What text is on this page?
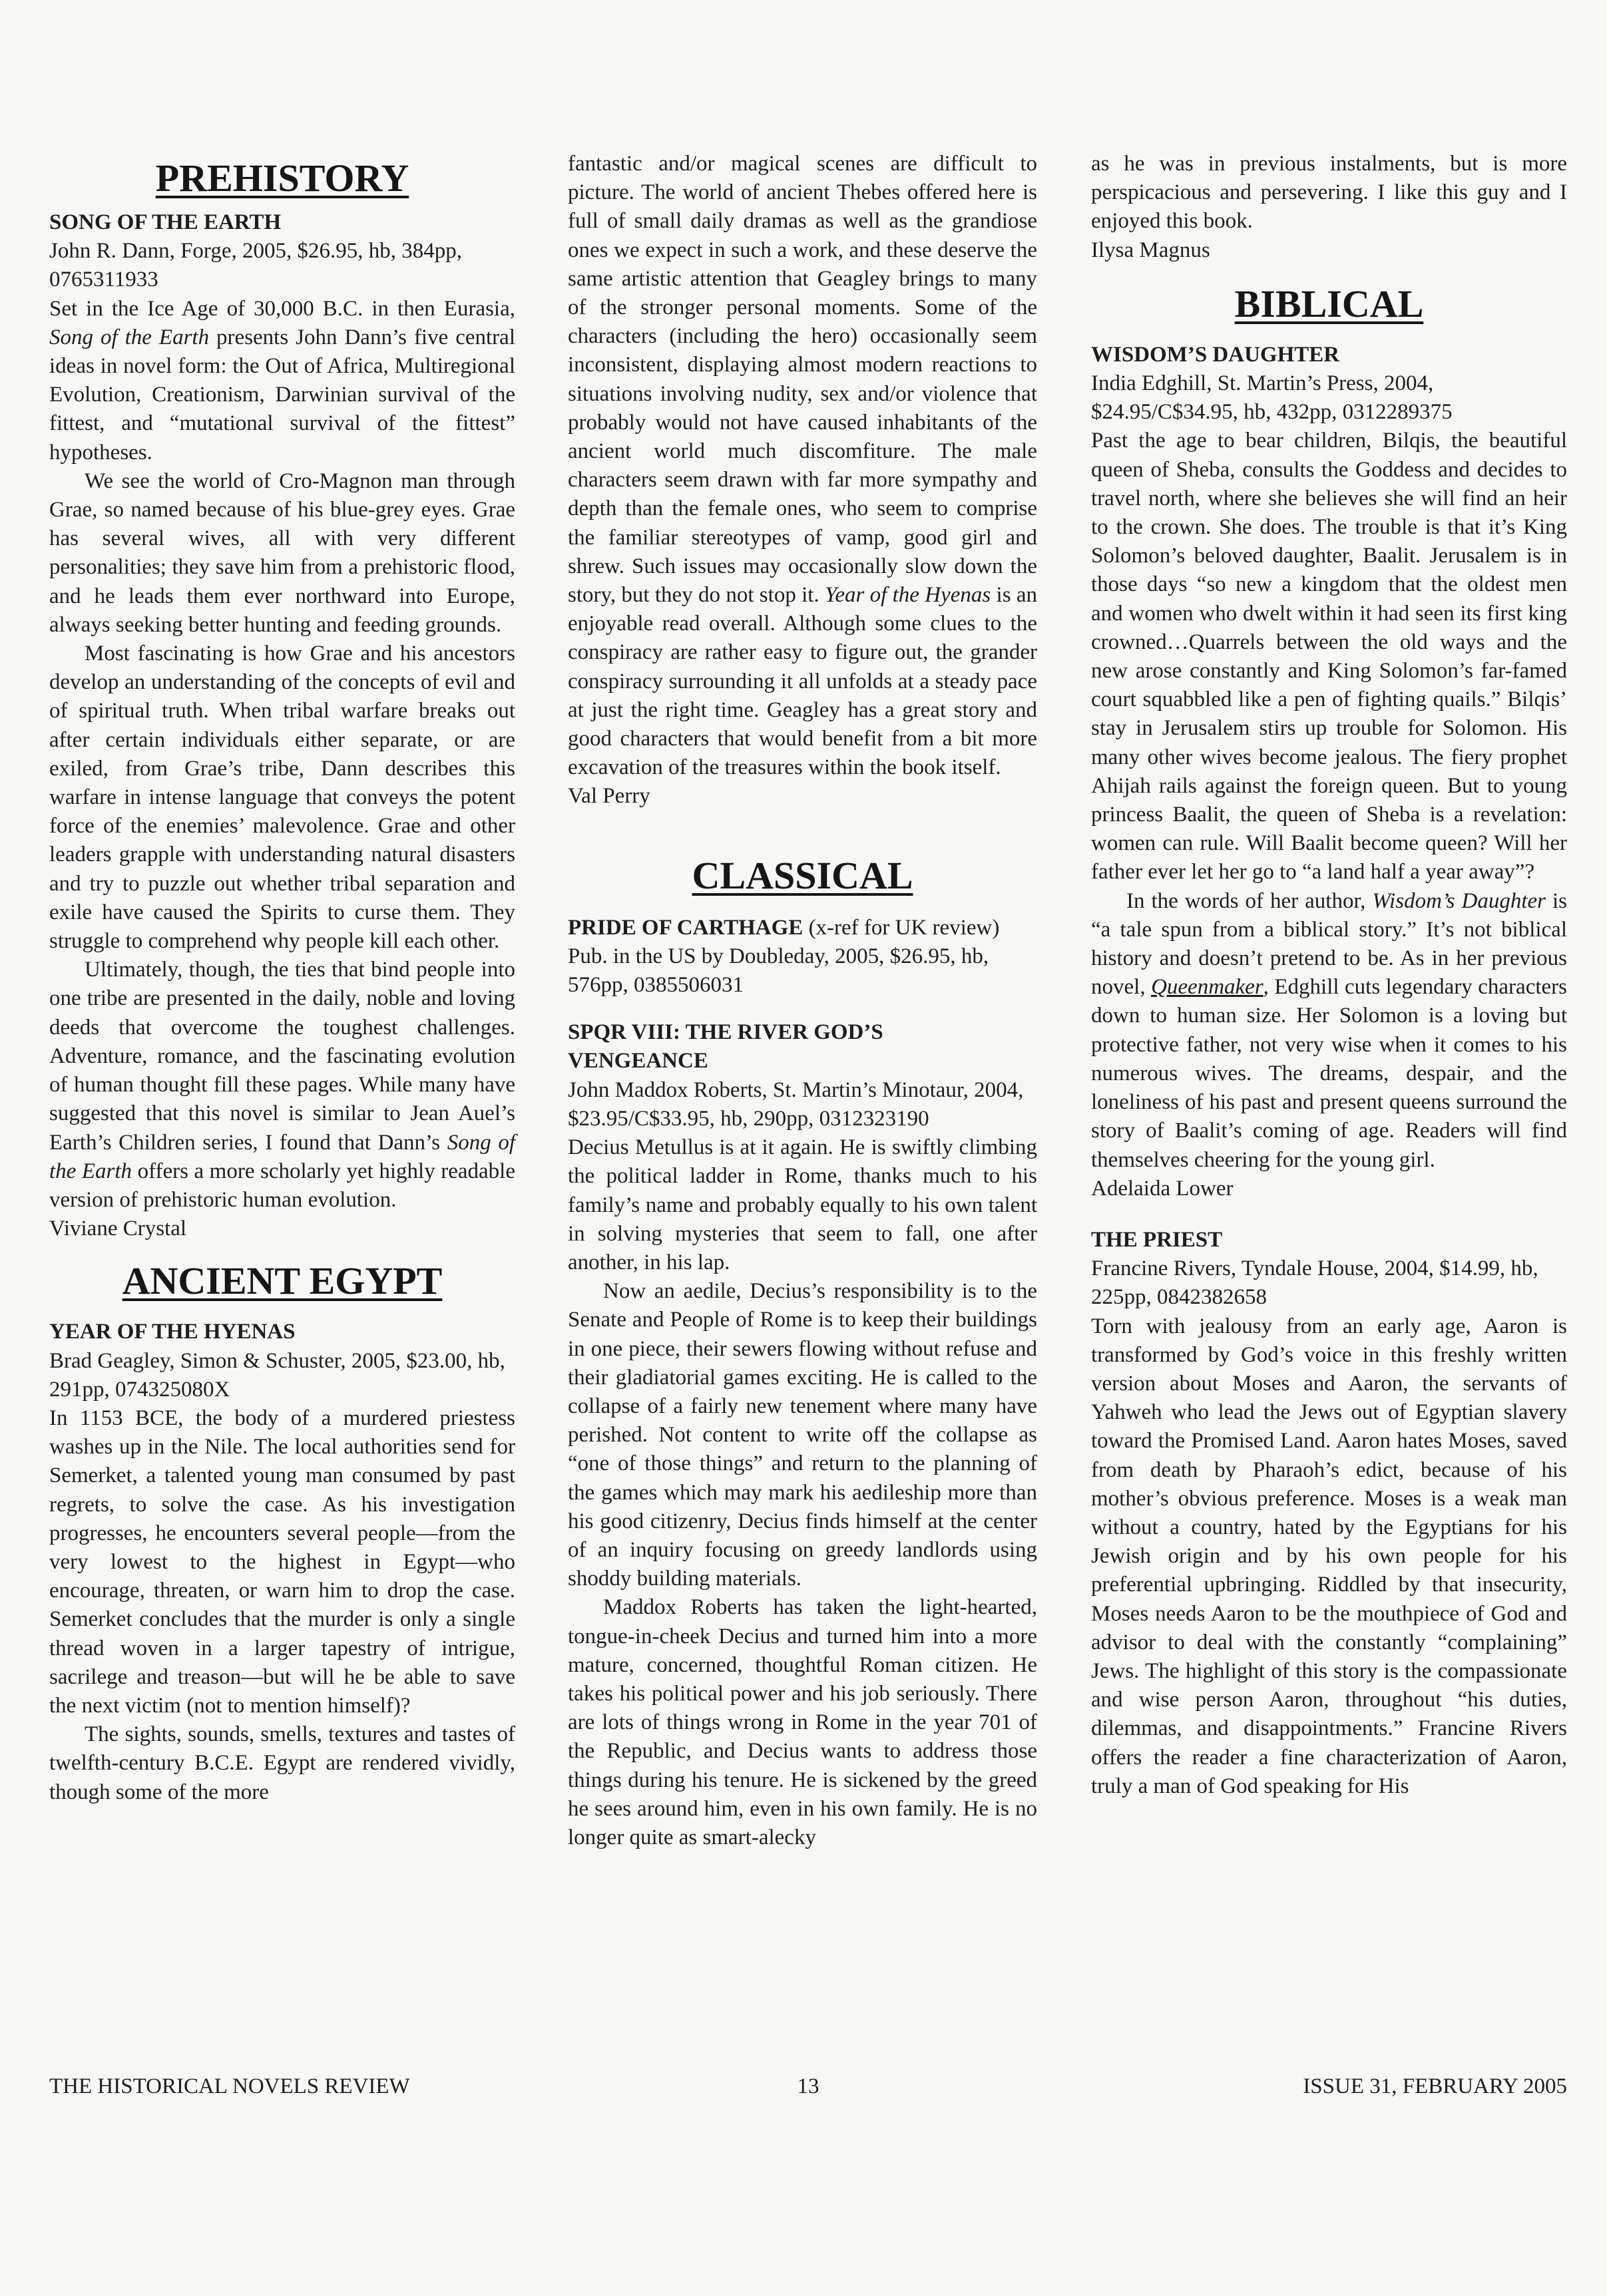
PREHISTORY
SONG OF THE EARTH

John R. Dann, Forge, 2005, $26.95, hb, 384pp, 0765311933

Set in the Ice Age of 30,000 B.C. in then Eurasia, Song of the Earth presents John Dann’s five central ideas in novel form: the Out of Africa, Multiregional Evolution, Creationism, Darwinian survival of the fittest, and “mutational survival of the fittest” hypotheses.

We see the world of Cro-Magnon man through Grae, so named because of his blue-grey eyes. Grae has several wives, all with very different personalities; they save him from a prehistoric flood, and he leads them ever northward into Europe, always seeking better hunting and feeding grounds.

Most fascinating is how Grae and his ancestors develop an understanding of the concepts of evil and of spiritual truth. When tribal warfare breaks out after certain individuals either separate, or are exiled, from Grae’s tribe, Dann describes this warfare in intense language that conveys the potent force of the enemies’ malevolence. Grae and other leaders grapple with understanding natural disasters and try to puzzle out whether tribal separation and exile have caused the Spirits to curse them. They struggle to comprehend why people kill each other.

Ultimately, though, the ties that bind people into one tribe are presented in the daily, noble and loving deeds that overcome the toughest challenges. Adventure, romance, and the fascinating evolution of human thought fill these pages. While many have suggested that this novel is similar to Jean Auel’s Earth’s Children series, I found that Dann’s Song of the Earth offers a more scholarly yet highly readable version of prehistoric human evolution.

Viviane Crystal

ANCIENT EGYPT
YEAR OF THE HYENAS

Brad Geagley, Simon & Schuster, 2005, $23.00, hb, 291pp, 074325080X

In 1153 BCE, the body of a murdered priestess washes up in the Nile. The local authorities send for Semerket, a talented young man consumed by past regrets, to solve the case. As his investigation progresses, he encounters several people—from the very lowest to the highest in Egypt—who encourage, threaten, or warn him to drop the case. Semerket concludes that the murder is only a single thread woven in a larger tapestry of intrigue, sacrilege and treason—but will he be able to save the next victim (not to mention himself)?

The sights, sounds, smells, textures and tastes of twelfth-century B.C.E. Egypt are rendered vividly, though some of the more

fantastic and/or magical scenes are difficult to picture. The world of ancient Thebes offered here is full of small daily dramas as well as the grandiose ones we expect in such a work, and these deserve the same artistic attention that Geagley brings to many of the stronger personal moments. Some of the characters (including the hero) occasionally seem inconsistent, displaying almost modern reactions to situations involving nudity, sex and/or violence that probably would not have caused inhabitants of the ancient world much discomfiture. The male characters seem drawn with far more sympathy and depth than the female ones, who seem to comprise the familiar stereotypes of vamp, good girl and shrew. Such issues may occasionally slow down the story, but they do not stop it. Year of the Hyenas is an enjoyable read overall. Although some clues to the conspiracy are rather easy to figure out, the grander conspiracy surrounding it all unfolds at a steady pace at just the right time. Geagley has a great story and good characters that would benefit from a bit more excavation of the treasures within the book itself.

Val Perry

CLASSICAL

PRIDE OF CARTHAGE (x-ref for UK review)

Pub. in the US by Doubleday, 2005, $26.95, hb, 576pp, 0385506031

SPQR VIII: THE RIVER GOD’S
VENGEANCE

John Maddox Roberts, St. Martin’s Minotaur, 2004, $23.95/C$33.95, hb, 290pp, 0312323190

Decius Metullus is at it again. He is swiftly climbing the political ladder in Rome, thanks much to his family’s name and probably equally to his own talent in solving mysteries that seem to fall, one after another, in his lap.

Now an aedile, Decius’s responsibility is to the Senate and People of Rome is to keep their buildings in one piece, their sewers flowing without refuse and their gladiatorial games exciting. He is called to the collapse of a fairly new tenement where many have perished. Not content to write off the collapse as “one of those things” and return to the planning of the games which may mark his aedileship more than his good citizenry, Decius finds himself at the center of an inquiry focusing on greedy landlords using shoddy building materials.

Maddox Roberts has taken the light-hearted, tongue-in-cheek Decius and turned him into a more mature, concerned, thoughtful Roman citizen. He takes his political power and his job seriously. There are lots of things wrong in Rome in the year 701 of the Republic, and Decius wants to address those things during his tenure. He is sickened by the greed he sees around him, even in his own family. He is no longer quite as smart-alecky

as he was in previous instalments, but is more perspicacious and persevering. I like this guy and I enjoyed this book.

Ilysa Magnus

BIBLICAL
WISDOM’S DAUGHTER

India Edghill, St. Martin’s Press, 2004, $24.95/C$34.95, hb, 432pp, 0312289375

Past the age to bear children, Bilqis, the beautiful queen of Sheba, consults the Goddess and decides to travel north, where she believes she will find an heir to the crown. She does. The trouble is that it’s King Solomon’s beloved daughter, Baalit. Jerusalem is in those days “so new a kingdom that the oldest men and women who dwelt within it had seen its first king crowned…Quarrels between the old ways and the new arose constantly and King Solomon’s far-famed court squabbled like a pen of fighting quails.” Bilqis’ stay in Jerusalem stirs up trouble for Solomon. His many other wives become jealous. The fiery prophet Ahijah rails against the foreign queen. But to young princess Baalit, the queen of Sheba is a revelation: women can rule. Will Baalit become queen? Will her father ever let her go to “a land half a year away”?

In the words of her author, Wisdom’s Daughter is “a tale spun from a biblical story.” It’s not biblical history and doesn’t pretend to be. As in her previous novel, Queenmaker, Edghill cuts legendary characters down to human size. Her Solomon is a loving but protective father, not very wise when it comes to his numerous wives. The dreams, despair, and the loneliness of his past and present queens surround the story of Baalit’s coming of age. Readers will find themselves cheering for the young girl.

Adelaida Lower

THE PRIEST

Francine Rivers, Tyndale House, 2004, $14.99, hb, 225pp, 0842382658

Torn with jealousy from an early age, Aaron is transformed by God’s voice in this freshly written version about Moses and Aaron, the servants of Yahweh who lead the Jews out of Egyptian slavery toward the Promised Land. Aaron hates Moses, saved from death by Pharaoh’s edict, because of his mother’s obvious preference. Moses is a weak man without a country, hated by the Egyptians for his Jewish origin and by his own people for his preferential upbringing. Riddled by that insecurity, Moses needs Aaron to be the mouthpiece of God and advisor to deal with the constantly “complaining” Jews. The highlight of this story is the compassionate and wise person Aaron, throughout “his duties, dilemmas, and disappointments.” Francine Rivers offers the reader a fine characterization of Aaron, truly a man of God speaking for His

THE HISTORICAL NOVELS REVIEW	13	ISSUE 31, FEBRUARY 2005
